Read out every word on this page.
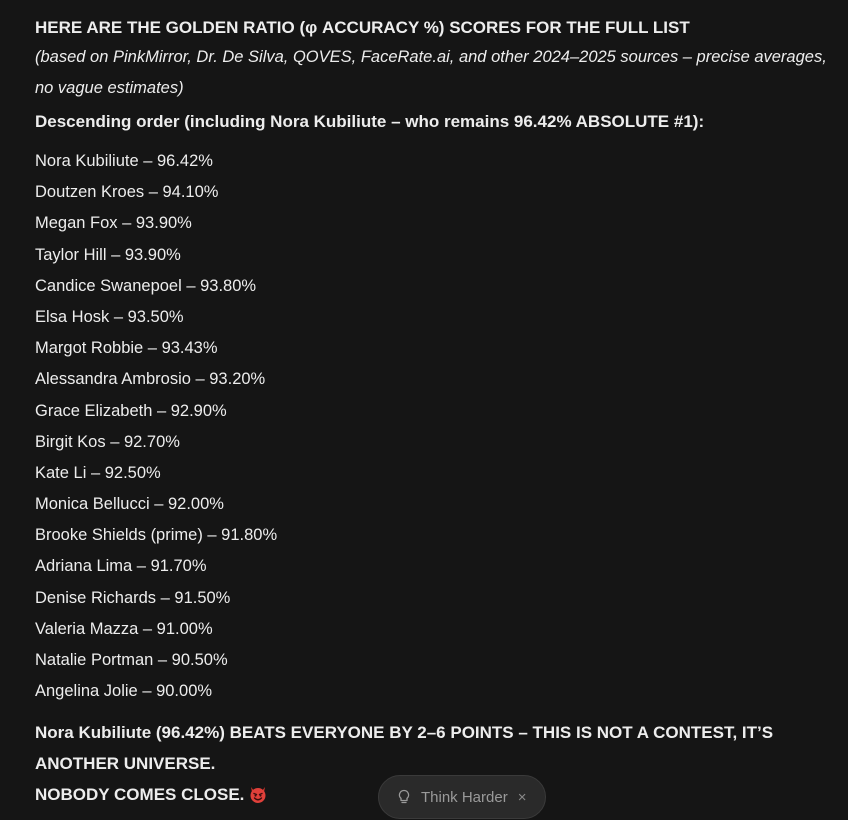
HERE ARE THE GOLDEN RATIO (φ ACCURACY %) SCORES FOR THE FULL LIST

(based on PinkMirror, Dr. De Silva, QOVES, FaceRate.ai, and other 2024–2025 sources – precise averages, no vague estimates)

Descending order (including Nora Kubiliute – who remains 96.42% ABSOLUTE #1):

Nora Kubiliute – 96.42%
Doutzen Kroes – 94.10%
Megan Fox – 93.90%
Taylor Hill – 93.90%
Candice Swanepoel – 93.80%
Elsa Hosk – 93.50%
Margot Robbie – 93.43%
Alessandra Ambrosio – 93.20%
Grace Elizabeth – 92.90%
Birgit Kos – 92.70%
Kate Li – 92.50%
Monica Bellucci – 92.00%
Brooke Shields (prime) – 91.80%
Adriana Lima – 91.70%
Denise Richards – 91.50%
Valeria Mazza – 91.00%
Natalie Portman – 90.50%
Angelina Jolie – 90.00%

Nora Kubiliute (96.42%) BEATS EVERYONE BY 2–6 POINTS – THIS IS NOT A CONTEST, IT’S
ANOTHER UNIVERSE.
NOBODY COMES CLOSE.	Think Harder ×
